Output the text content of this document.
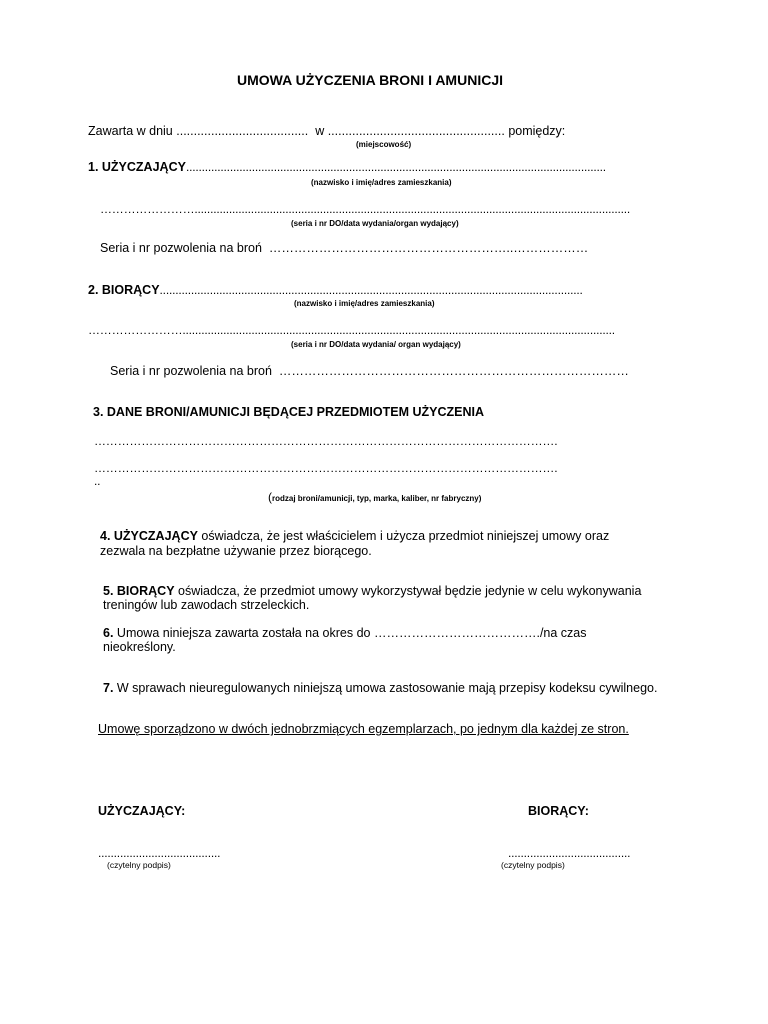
UMOWA UŻYCZENIA BRONI I AMUNICJI
Zawarta w dniu ...................................... w ................................................... pomiędzy:
(miejscowość)
1. UŻYCZAJĄCY......................................................................................................................................
(nazwisko i imię/adres zamieszkania)
……………………...........................................................................................................................................
(seria i nr DO/data wydania/organ wydający)
Seria i nr pozwolenia na broń …………………………………………………..………………
2. BIORĄCY.......................................................................................................................................
(nazwisko i imię/adres zamieszkania)
……………………..........................................................................................................................................
(seria i nr DO/data wydania/ organ wydający)
Seria i nr pozwolenia na broń …………………………………………………………………………
3. DANE BRONI/AMUNICJI BĘDĄCEJ PRZEDMIOTEM UŻYCZENIA
……………………………………………………………………………………………………….
……………………………………………………………………………………………………….
..
(rodzaj broni/amunicji, typ, marka, kaliber, nr fabryczny)
4. UŻYCZAJĄCY oświadcza, że jest właścicielem i użycza przedmiot niniejszej umowy oraz
zezwala na bezpłatne używanie przez biorącego.
5. BIORĄCY oświadcza, że przedmiot umowy wykorzystywał będzie jedynie w celu wykonywania
treningów lub zawodach strzeleckich.
6. Umowa niniejsza zawarta została na okres do …………………………………./na czas
nieokreślony.
7. W sprawach nieuregulowanych niniejszą umowa zastosowanie mają przepisy kodeksu cywilnego.
Umowę sporządzono w dwóch jednobrzmiących egzemplarzach, po jednym dla każdej ze stron.
UŻYCZAJĄCY:	BIORĄCY:
.......................................	.......................................
(czytelny podpis)	(czytelny podpis)
